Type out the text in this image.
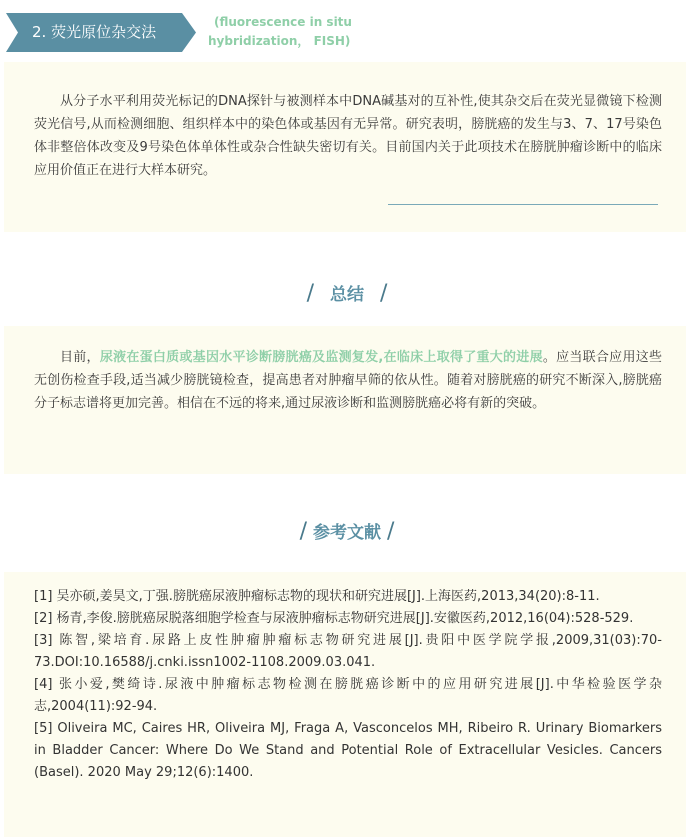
2. 荧光原位杂交法
(fluorescence in situ
hybridization， FISH)
从分子水平利用荧光标记的DNA探针与被测样本中DNA碱基对的互补性,使其杂交后在荧光显微镜下检测荧光信号,从而检测细胞、组织样本中的染色体或基因有无异常。研究表明，膀胱癌的发生与3、7、17号染色体非整倍体改变及9号染色体单体性或杂合性缺失密切有关。目前国内关于此项技术在膀胱肿瘤诊断中的临床应用价值正在进行大样本研究。
/ 总结 /
目前，尿液在蛋白质或基因水平诊断膀胱癌及监测复发,在临床上取得了重大的进展。应当联合应用这些无创伤检查手段,适当减少膀胱镜检查，提高患者对肿瘤早筛的依从性。随着对膀胱癌的研究不断深入,膀胱癌分子标志谱将更加完善。相信在不远的将来,通过尿液诊断和监测膀胱癌必将有新的突破。
/ 参考文献 /
[1] 吴亦硕,姜昊文,丁强.膀胱癌尿液肿瘤标志物的现状和研究进展[J].上海医药,2013,34(20):8-11.
[2] 杨青,李俊.膀胱癌尿脱落细胞学检查与尿液肿瘤标志物研究进展[J].安徽医药,2012,16(04):528-529.
[3] 陈智,梁培育.尿路上皮性肿瘤肿瘤标志物研究进展[J].贵阳中医学院学报,2009,31(03):70-73.DOI:10.16588/j.cnki.issn1002-1108.2009.03.041.
[4] 张小爱,樊绮诗.尿液中肿瘤标志物检测在膀胱癌诊断中的应用研究进展[J].中华检验医学杂志,2004(11):92-94.
[5] Oliveira MC, Caires HR, Oliveira MJ, Fraga A, Vasconcelos MH, Ribeiro R. Urinary Biomarkers in Bladder Cancer: Where Do We Stand and Potential Role of Extracellular Vesicles. Cancers (Basel). 2020 May 29;12(6):1400.
